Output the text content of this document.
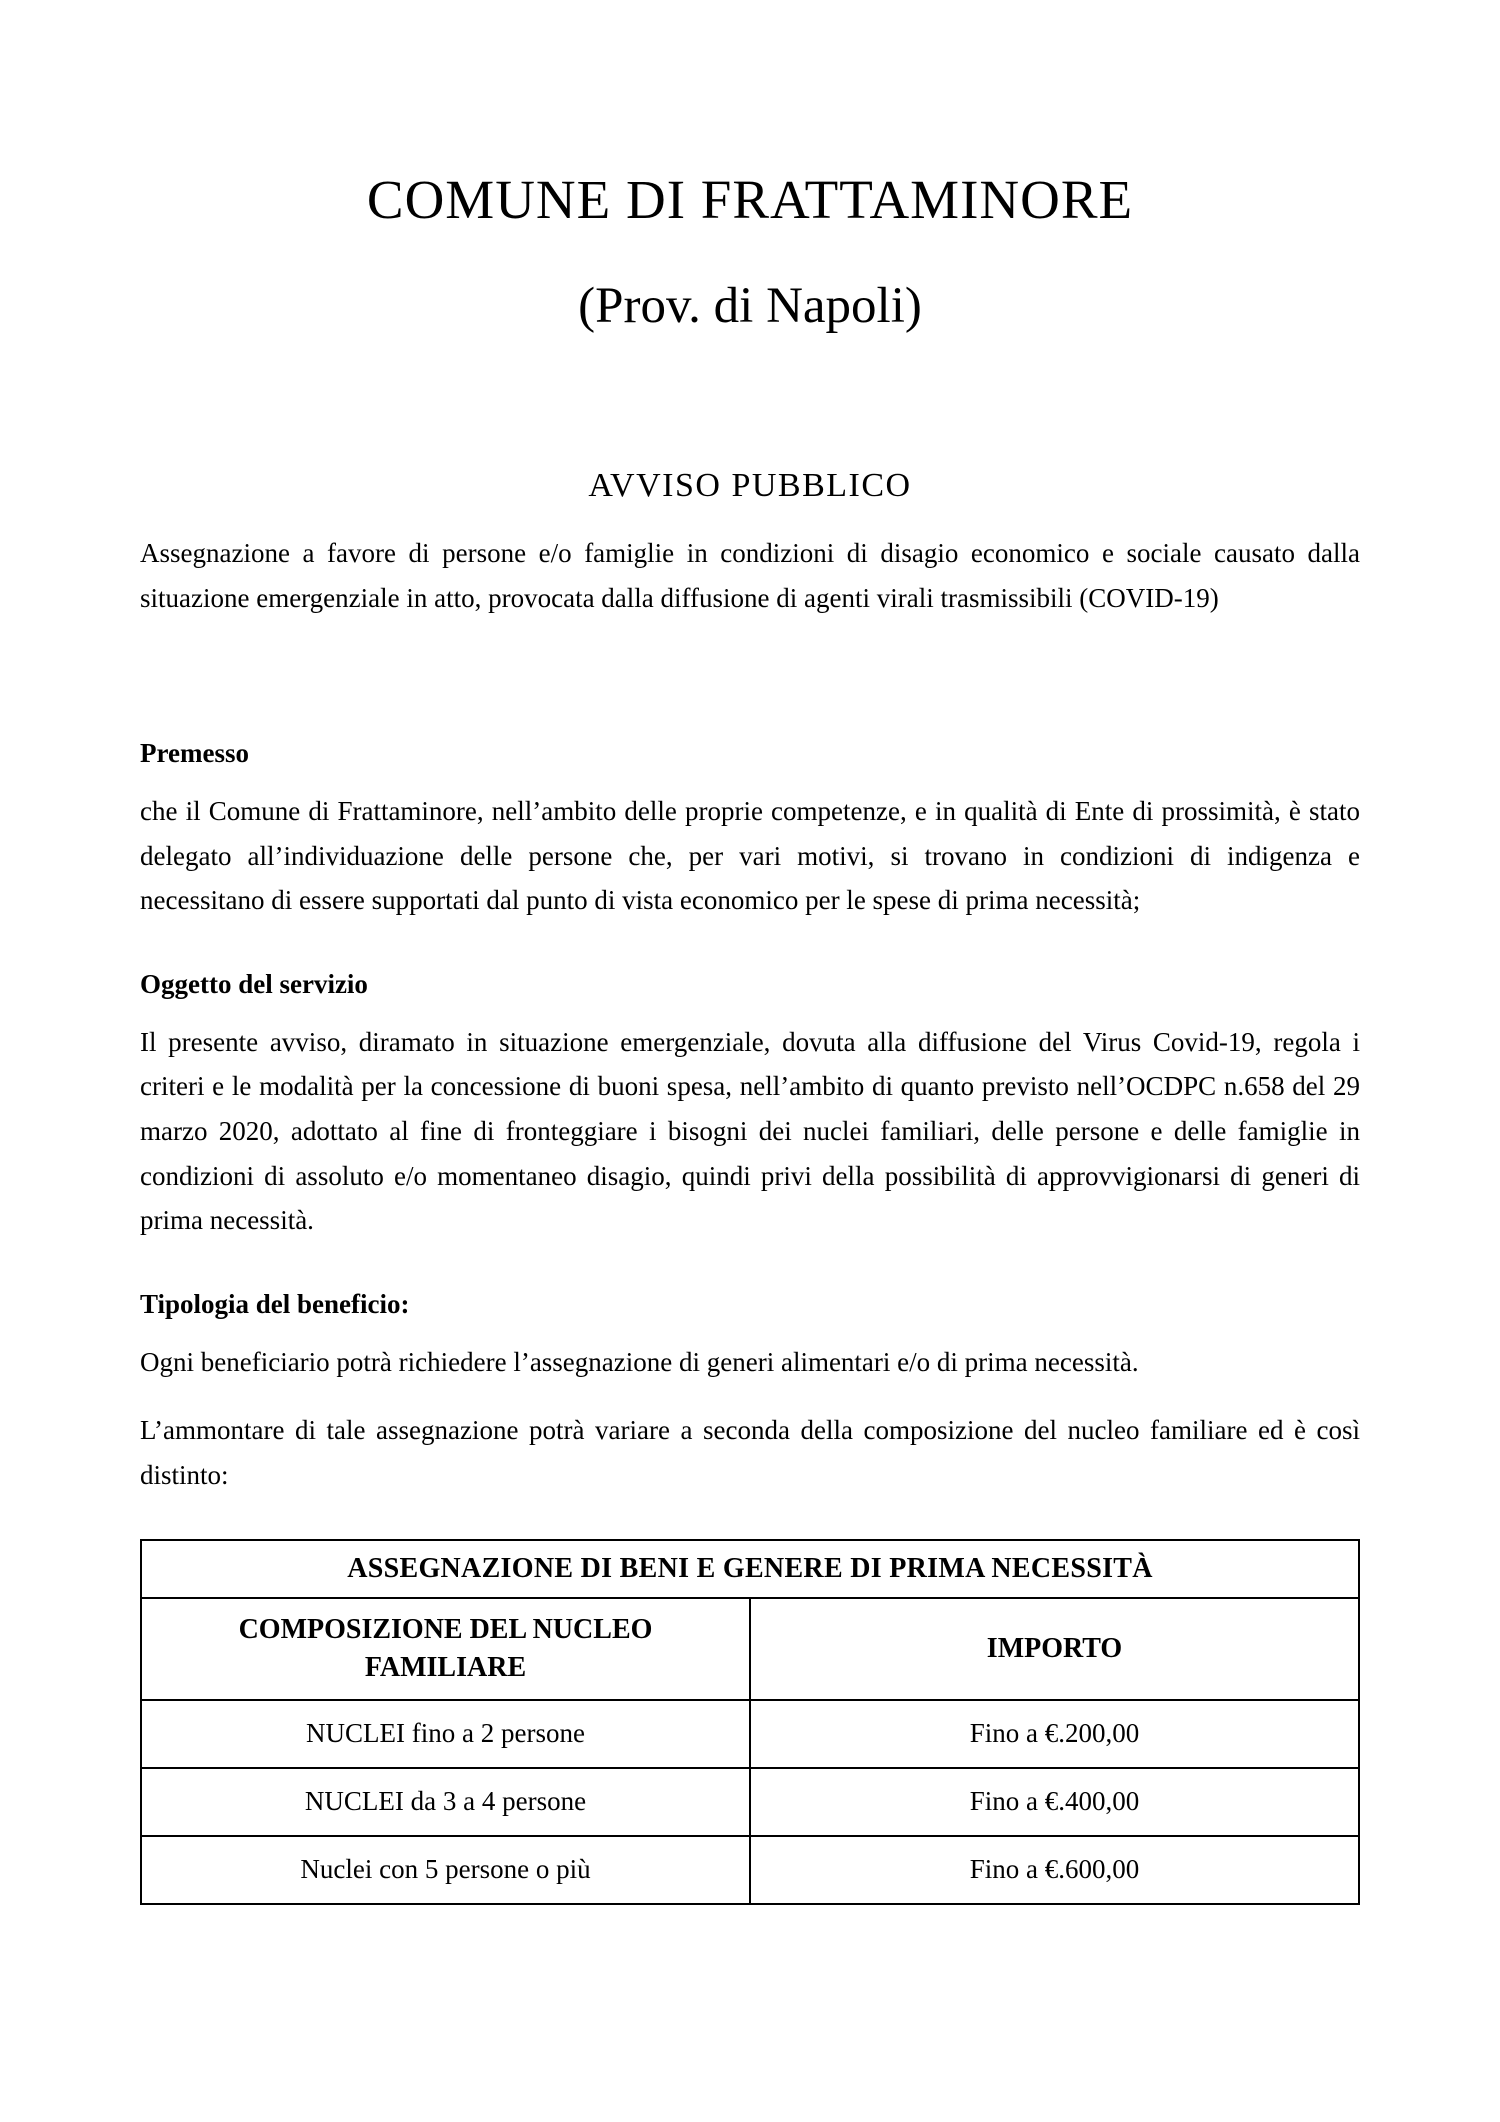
COMUNE DI FRATTAMINORE
(Prov. di Napoli)
AVVISO PUBBLICO

Assegnazione a favore di persone e/o famiglie in condizioni di disagio economico e sociale causato dalla situazione emergenziale in atto, provocata dalla diffusione di agenti virali trasmissibili (COVID-19)

Premesso

che il Comune di Frattaminore, nell’ambito delle proprie competenze, e in qualità di Ente di prossimità, è stato delegato all’individuazione delle persone che, per vari motivi, si trovano in condizioni di indigenza e necessitano di essere supportati dal punto di vista economico per le spese di prima necessità;

Oggetto del servizio

Il presente avviso, diramato in situazione emergenziale, dovuta alla diffusione del Virus Covid-19, regola i criteri e le modalità per la concessione di buoni spesa, nell’ambito di quanto previsto nell’OCDPC n.658 del 29 marzo 2020, adottato al fine di fronteggiare i bisogni dei nuclei familiari, delle persone e delle famiglie in condizioni di assoluto e/o momentaneo disagio, quindi privi della possibilità di approvvigionarsi di generi di prima necessità.

Tipologia del beneficio:

Ogni beneficiario potrà richiedere l’assegnazione di generi alimentari e/o di prima necessità.

L’ammontare di tale assegnazione potrà variare a seconda della composizione del nucleo familiare ed è così distinto:

ASSEGNAZIONE DI BENI E GENERE DI PRIMA NECESSITÀ	
COMPOSIZIONE DEL NUCLEO FAMILIARE	IMPORTO
NUCLEI fino a 2 persone	Fino a €.200,00
NUCLEI da 3 a 4 persone	Fino a €.400,00
Nuclei con 5 persone o più	Fino a €.600,00
